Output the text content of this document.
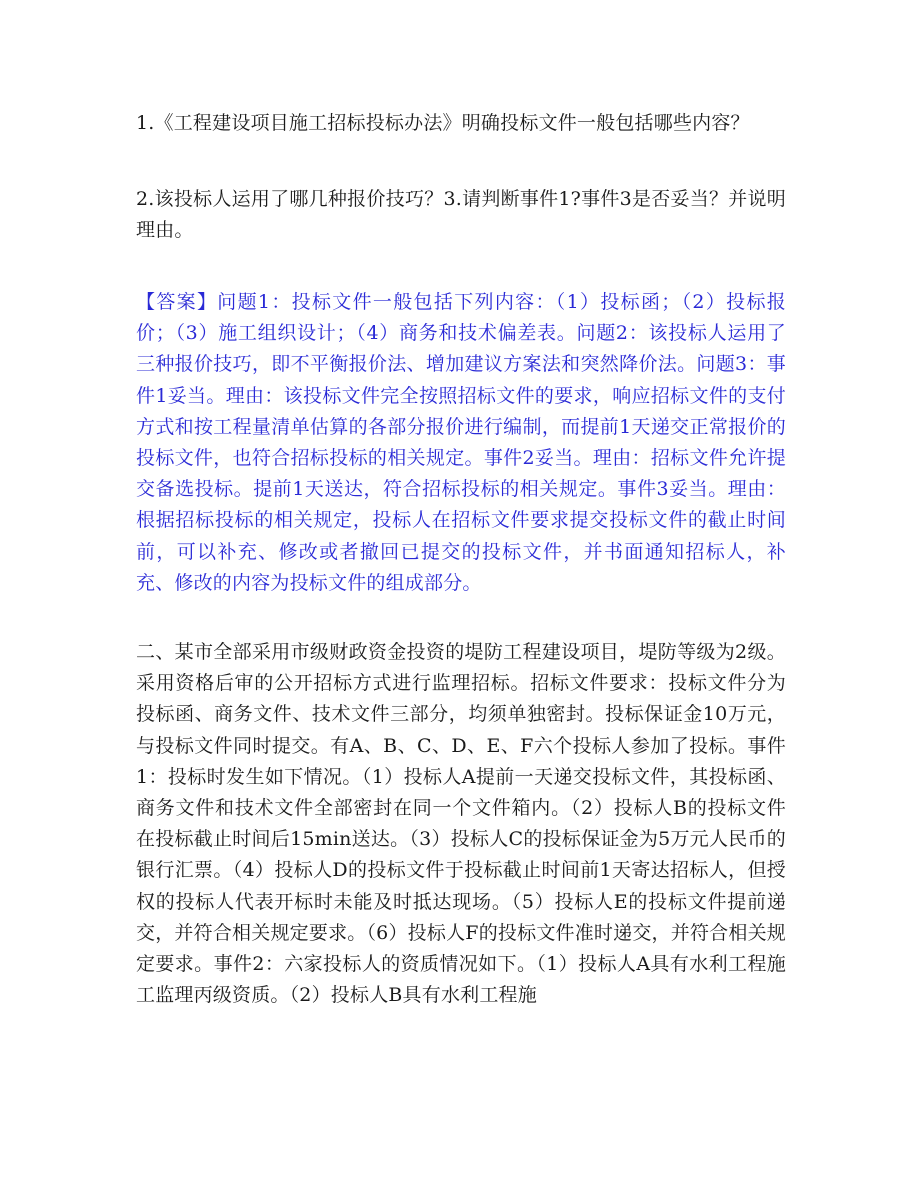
1.《工程建设项目施工招标投标办法》明确投标文件一般包括哪些内容？

2.该投标人运用了哪几种报价技巧？3.请判断事件1?事件3是否妥当？并说明理由。

【答案】问题1：投标文件一般包括下列内容：（1）投标函；（2）投标报价；（3）施工组织设计；（4）商务和技术偏差表。问题2：该投标人运用了三种报价技巧，即不平衡报价法、增加建议方案法和突然降价法。问题3：事件1妥当。理由：该投标文件完全按照招标文件的要求，响应招标文件的支付方式和按工程量清单估算的各部分报价进行编制，而提前1天递交正常报价的投标文件，也符合招标投标的相关规定。事件2妥当。理由：招标文件允许提交备选投标。提前1天送达，符合招标投标的相关规定。事件3妥当。理由：根据招标投标的相关规定，投标人在招标文件要求提交投标文件的截止时间前，可以补充、修改或者撤回已提交的投标文件，并书面通知招标人，补充、修改的内容为投标文件的组成部分。

二、某市全部采用市级财政资金投资的堤防工程建设项目，堤防等级为2级。采用资格后审的公开招标方式进行监理招标。招标文件要求：投标文件分为投标函、商务文件、技术文件三部分，均须单独密封。投标保证金10万元，与投标文件同时提交。有A、B、C、D、E、F六个投标人参加了投标。事件1：投标时发生如下情况。（1）投标人A提前一天递交投标文件，其投标函、商务文件和技术文件全部密封在同一个文件箱内。（2）投标人B的投标文件在投标截止时间后15min送达。（3）投标人C的投标保证金为5万元人民币的银行汇票。（4）投标人D的投标文件于投标截止时间前1天寄达招标人，但授权的投标人代表开标时未能及时抵达现场。（5）投标人E的投标文件提前递交，并符合相关规定要求。（6）投标人F的投标文件准时递交，并符合相关规定要求。事件2：六家投标人的资质情况如下。（1）投标人A具有水利工程施工监理丙级资质。（2）投标人B具有水利工程施
